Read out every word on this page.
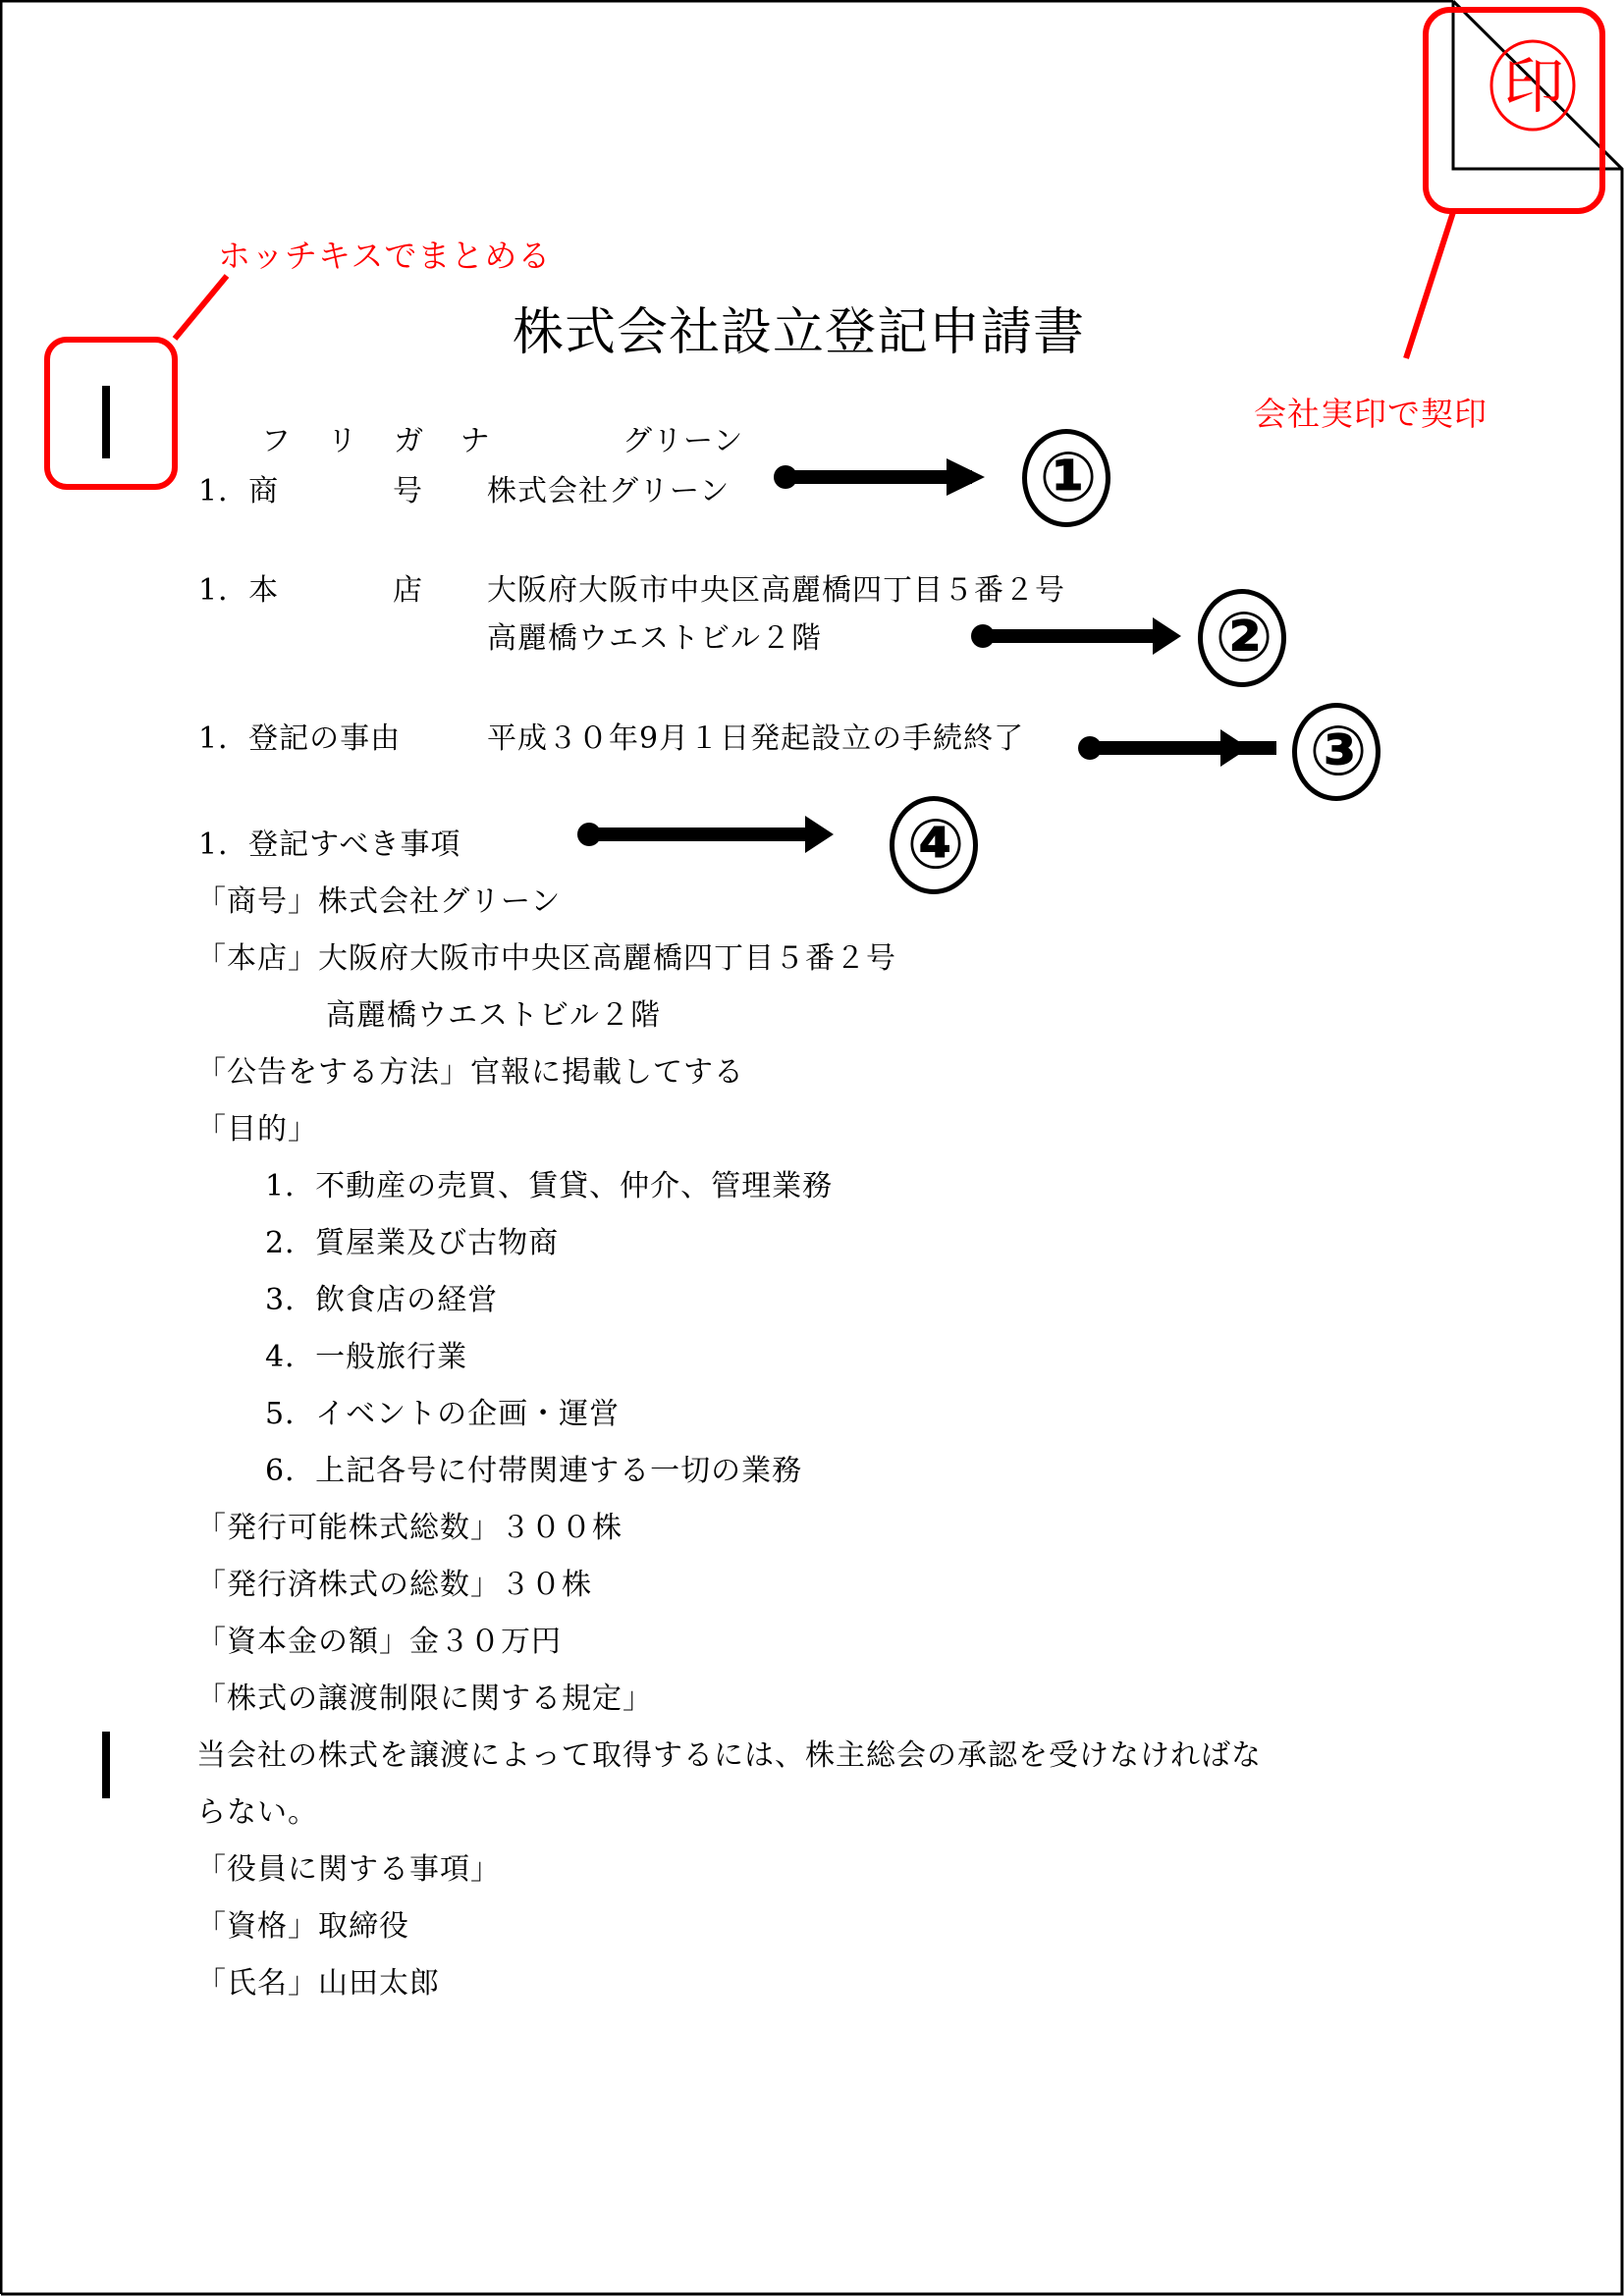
ホッチキスでまとめる
会社実印で契印
印
株式会社設立登記申請書
①
②
③
④
フ リ ガ ナ	グリーン
1．商	号 株式会社グリーン
1．本	店 大阪府大阪市中央区高麗橋四丁目５番２号
高麗橋ウエストビル２階
1．登記の事由	平成３０年9月１日発起設立の手続終了
1．登記すべき事項
「商号」株式会社グリーン
「本店」大阪府大阪市中央区高麗橋四丁目５番２号
高麗橋ウエストビル２階
「公告をする方法」官報に掲載してする
「目的」
1．不動産の売買、賃貸、仲介、管理業務
2．質屋業及び古物商
3．飲食店の経営
4．一般旅行業
5．イベントの企画・運営
6．上記各号に付帯関連する一切の業務
「発行可能株式総数」３００株
「発行済株式の総数」３０株
「資本金の額」金３０万円
「株式の譲渡制限に関する規定」
当会社の株式を譲渡によって取得するには、株主総会の承認を受けなければな
らない。
「役員に関する事項」
「資格」取締役
「氏名」山田太郎
